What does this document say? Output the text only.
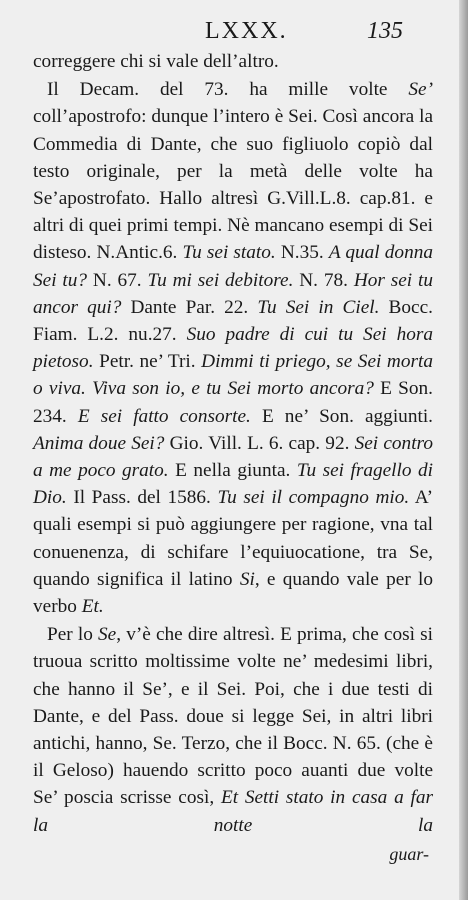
LXXX.	135

correggere chi si vale dell’altro.

Il Decam. del 73. ha mille volte Se’ coll’apostrofo: dunque l’intero è Sei. Così ancora la Commedia di Dante, che suo figliuolo copiò dal testo originale, per la metà delle volte ha Se’apostrofato. Hallo altresì G.Vill.L.8. cap.81. e altri di quei primi tempi. Nè mancano esempi di Sei disteso. N.Antic.6. Tu sei stato. N.35. A qual donna Sei tu? N. 67. Tu mi sei debitore. N. 78. Hor sei tu ancor qui? Dante Par. 22. Tu Sei in Ciel. Bocc. Fiam. L.2. nu.27. Suo padre di cui tu Sei hora pietoso. Petr. ne’ Tri. Dimmi ti priego, se Sei morta o viva. Viva son io, e tu Sei morto ancora? E Son. 234. E sei fatto consorte. E ne’ Son. aggiunti. Anima doue Sei? Gio. Vill. L. 6. cap. 92. Sei contro a me poco grato. E nella giunta. Tu sei fragello di Dio. Il Pass. del 1586. Tu sei il compagno mio. A’ quali esempi si può aggiungere per ragione, vna tal conuenenza, di schifare l’equiuocatione, tra Se, quando significa il latino Si, e quando vale per lo verbo Et.

Per lo Se, v’è che dire altresì. E prima, che così si truoua scritto moltissime volte ne’ medesimi libri, che hanno il Se’, e il Sei. Poi, che i due testi di Dante, e del Pass. doue si legge Sei, in altri libri antichi, hanno, Se. Terzo, che il Bocc. N. 65. (che è il Geloso) hauendo scritto poco auanti due volte Se’ poscia scrisse così, Et Setti stato in casa a far la notte la

guar-
